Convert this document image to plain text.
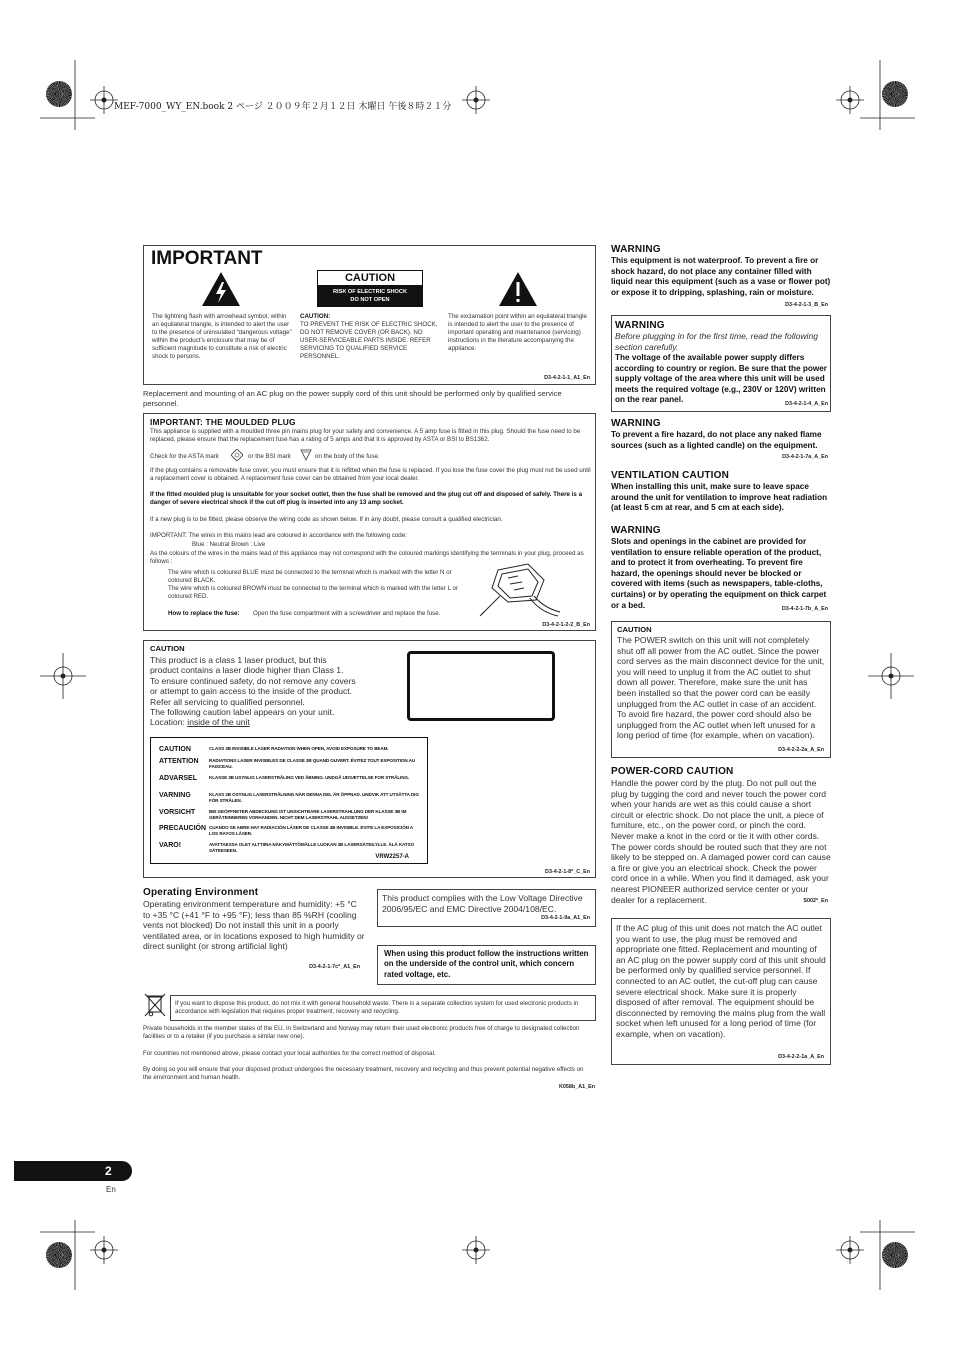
MEF-7000_WY_EN.book 2 ページ ２００９年２月１２日 木曜日 午後８時２１分
IMPORTANT
CAUTION
RISK OF ELECTRIC SHOCK
DO NOT OPEN
The lightning flash with arrowhead symbol, within an equilateral triangle, is intended to alert the user to the presence of uninsulated “dangerous voltage” within the product’s enclosure that may be of sufficient magnitude to constitute a risk of electric shock to persons.
CAUTION:
TO PREVENT THE RISK OF ELECTRIC SHOCK, DO NOT REMOVE COVER (OR BACK). NO USER-SERVICEABLE PARTS INSIDE. REFER SERVICING TO QUALIFIED SERVICE PERSONNEL.
The exclamation point within an equilateral triangle is intended to alert the user to the presence of important operating and maintenance (servicing) instructions in the literature accompanying the appliance.
D3-4-2-1-1_A1_En
Replacement and mounting of an AC plug on the power supply cord of this unit should be performed only by qualified service personnel.
IMPORTANT: THE MOULDED PLUG
This appliance is supplied with a moulded three pin mains plug for your safety and convenience. A 5 amp fuse is fitted in this plug. Should the fuse need to be replaced, please ensure that the replacement fuse has a rating of 5 amps and that it is approved by ASTA or BSI to BS1362.
Check for the ASTA mark	or the BSI mark	on the body of the fuse.
If the plug contains a removable fuse cover, you must ensure that it is refitted when the fuse is replaced. If you lose the fuse cover the plug must not be used until a replacement cover is obtained. A replacement fuse cover can be obtained from your local dealer.
If the fitted moulded plug is unsuitable for your socket outlet, then the fuse shall be removed and the plug cut off and disposed of safely. There is a danger of severe electrical shock if the cut off plug is inserted into any 13 amp socket.
If a new plug is to be fitted, please observe the wiring code as shown below. If in any doubt, please consult a qualified electrician.
IMPORTANT: The wires in this mains lead are coloured in accordance with the following code:
Blue : Neutral Brown : Live
As the colours of the wires in the mains lead of this appliance may not correspond with the coloured markings identifying the terminals in your plug, proceed as follows :
The wire which is coloured BLUE must be connected to the terminal which is marked with the letter N or coloured BLACK.
The wire which is coloured BROWN must be connected to the terminal which is marked with the letter L or coloured RED.
How to replace the fuse: Open the fuse compartment with a screwdriver and replace the fuse.
D3-4-2-1-2-2_B_En
CAUTION
This product is a class 1 laser product, but this
product contains a laser diode higher than Class 1.
To ensure continued safety, do not remove any covers
or attempt to gain access to the inside of the product.
Refer all servicing to qualified personnel.
The following caution label appears on your unit.
Location: inside of the unit
CAUTION	CLASS 3B INVISIBLE LASER RADIATION WHEN OPEN, AVOID EXPOSURE TO BEAM.
ATTENTION RADIATIONS LASER INVISIBLES DE CLASSE 3B QUAND OUVERT. ÉVITEZ TOUT EXPOSITION AU FAISCEAU.
ADVARSEL	KLASSE 3B USYNLIG LASERSTRÅLING VED ÅBNING. UNDGÅ UDSÆTTELSE FOR STRÅLING.
VARNING	KLASS 3B OSYNLIG LASERSTRÅLNING NÄR DENNA DEL ÄR ÖPPNAD. UNDVIK ATT UTSÄTTA DIG FÖR STRÅLEN.
VORSICHT	BEI GEÖFFNETER ABDECKUNG IST UNSICHTBARE LASERSTRAHLUNG DER KLASSE 3B IM GERÄTEINNEREN VORHANDEN. NICHT DEM LASERSTRAHL AUSSETZEN!
PRECAUCIÓN CUANDO SE ABRE HAY RADIACIÓN LÁSER DE CLASSE 3B INVISIBLE. EVITE LA EXPOSICIÓN A LOS RAYOS LÁSER.
VARO!	AVATTAESSA OLET ALTTIINA NÄKYMÄTTÖMÄLLE LUOKAN 3B LASERSÄTEILYLLE. ÄLÄ KATSO SÄTEESEEN.
VRW2257-A
D3-4-2-1-8*_C_En
Operating Environment
Operating environment temperature and humidity: +5 °C to +35 °C (+41 °F to +95 °F); less than 85 %RH (cooling vents not blocked) Do not install this unit in a poorly ventilated area, or in locations exposed to high humidity or direct sunlight (or strong artificial light)
D3-4-2-1-7c*_A1_En
This product complies with the Low Voltage Directive 2006/95/EC and EMC Directive 2004/108/EC.
D3-4-2-1-9a_A1_En
When using this product follow the instructions written on the underside of the control unit, which concern rated voltage, etc.
If you want to dispose this product, do not mix it with general household waste. There is a separate collection system for used electronic products in accordance with legislation that requires proper treatment, recovery and recycling.
Private households in the member states of the EU, in Switzerland and Norway may return their used electronic products free of charge to designated collection facilities or to a retailer (if you purchase a similar new one).
For countries not mentioned above, please contact your local authorities for the correct method of disposal.
By doing so you will ensure that your disposed product undergoes the necessary treatment, recovery and recycling and thus prevent potential negative effects on the environment and human health.
K058b_A1_En
2
En
WARNING
This equipment is not waterproof. To prevent a fire or shock hazard, do not place any container filled with liquid near this equipment (such as a vase or flower pot) or expose it to dripping, splashing, rain or moisture.
D3-4-2-1-3_B_En
WARNING
Before plugging in for the first time, read the following section carefully.
The voltage of the available power supply differs according to country or region. Be sure that the power supply voltage of the area where this unit will be used meets the required voltage (e.g., 230V or 120V) written on the rear panel.	D3-4-2-1-4_A_En
WARNING
To prevent a fire hazard, do not place any naked flame sources (such as a lighted candle) on the equipment.
D3-4-2-1-7a_A_En
VENTILATION CAUTION
When installing this unit, make sure to leave space around the unit for ventilation to improve heat radiation (at least 5 cm at rear, and 5 cm at each side).
WARNING
Slots and openings in the cabinet are provided for ventilation to ensure reliable operation of the product, and to protect it from overheating. To prevent fire hazard, the openings should never be blocked or covered with items (such as newspapers, table-cloths, curtains) or by operating the equipment on thick carpet or a bed.	D3-4-2-1-7b_A_En
CAUTION
The POWER switch on this unit will not completely shut off all power from the AC outlet. Since the power cord serves as the main disconnect device for the unit, you will need to unplug it from the AC outlet to shut down all power. Therefore, make sure the unit has been installed so that the power cord can be easily unplugged from the AC outlet in case of an accident. To avoid fire hazard, the power cord should also be unplugged from the AC outlet when left unused for a long period of time (for example, when on vacation).
D3-4-2-2-2a_A_En
POWER-CORD CAUTION
Handle the power cord by the plug. Do not pull out the plug by tugging the cord and never touch the power cord when your hands are wet as this could cause a short circuit or electric shock. Do not place the unit, a piece of furniture, etc., on the power cord, or pinch the cord. Never make a knot in the cord or tie it with other cords. The power cords should be routed such that they are not likely to be stepped on. A damaged power cord can cause a fire or give you an electrical shock. Check the power cord once in a while. When you find it damaged, ask your nearest PIONEER authorized service center or your dealer for a replacement.	S002*_En
If the AC plug of this unit does not match the AC outlet you want to use, the plug must be removed and appropriate one fitted. Replacement and mounting of an AC plug on the power supply cord of this unit should be performed only by qualified service personnel. If connected to an AC outlet, the cut-off plug can cause severe electrical shock. Make sure it is properly disposed of after removal. The equipment should be disconnected by removing the mains plug from the wall socket when left unused for a long period of time (for example, when on vacation).
D3-4-2-2-1a_A_En
